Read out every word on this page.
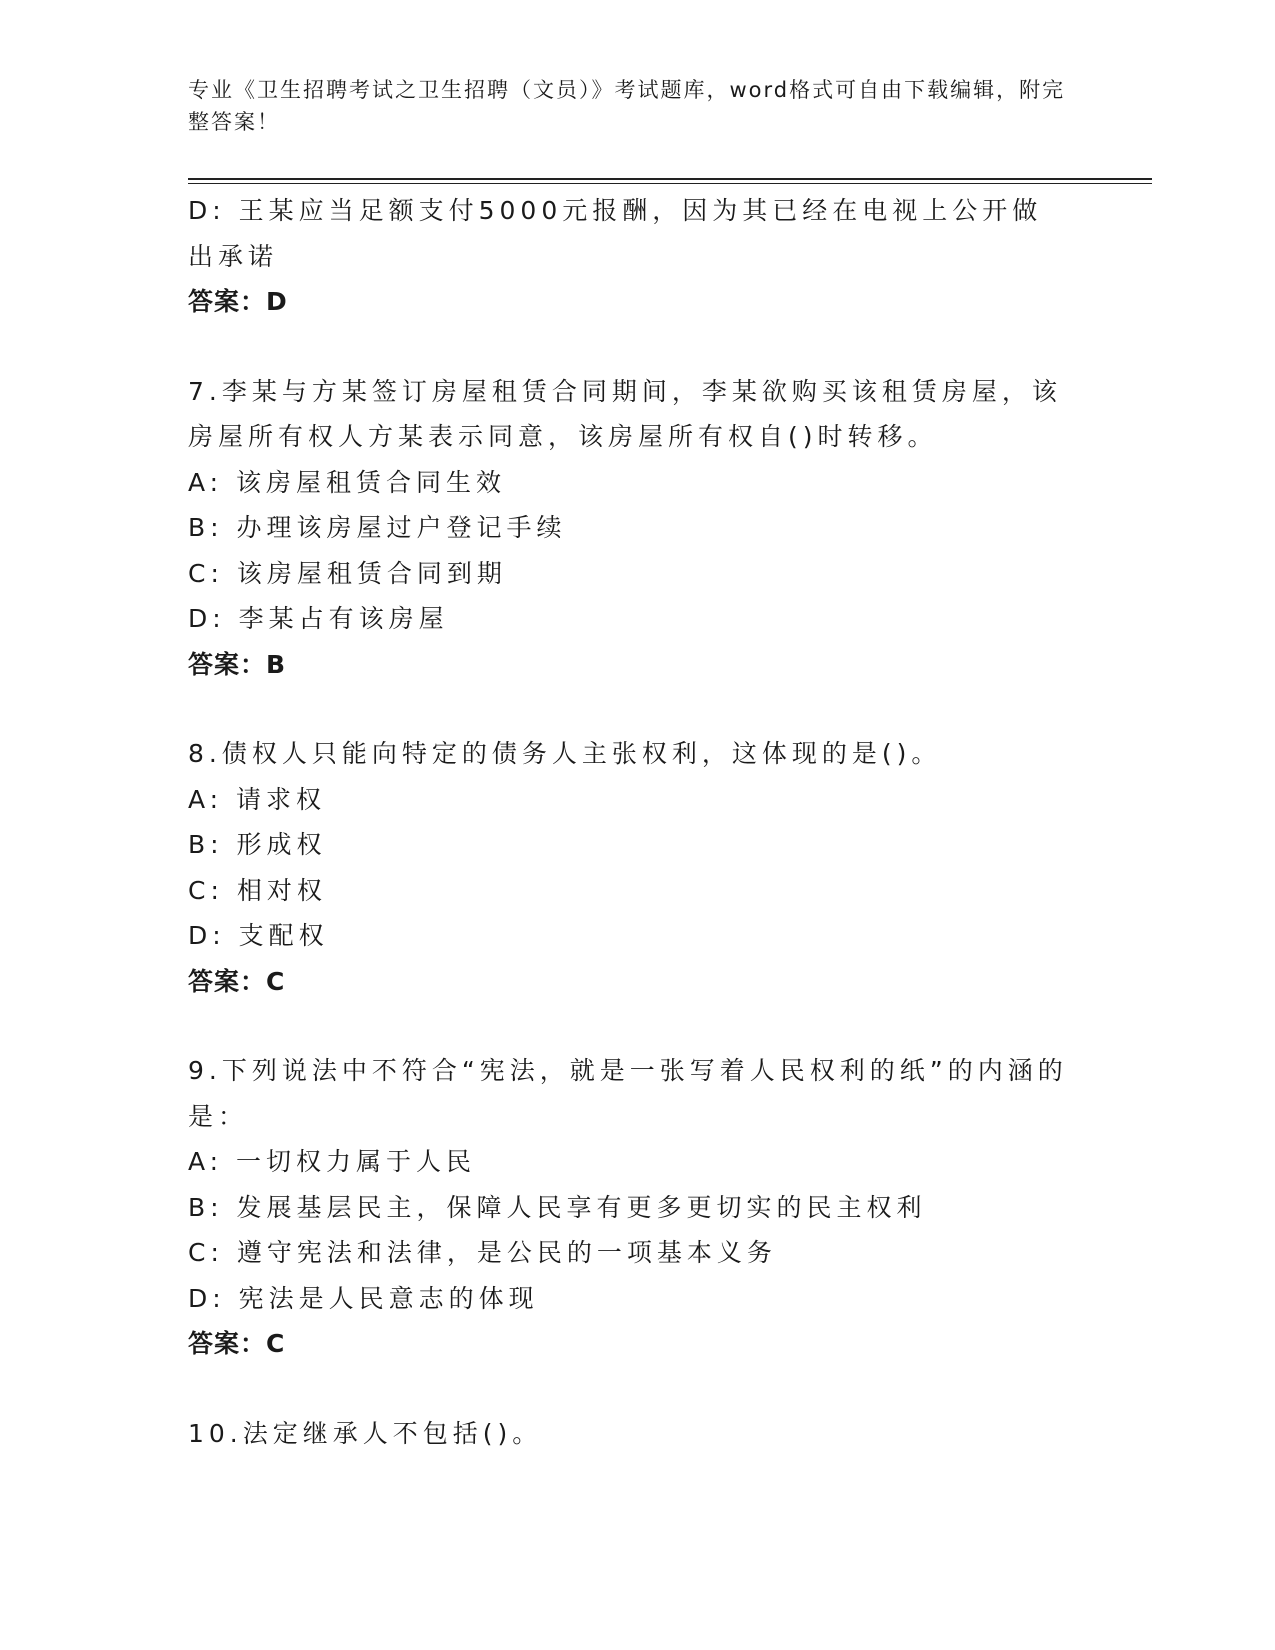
专业《卫生招聘考试之卫生招聘（文员）》考试题库，word格式可自由下载编辑，附完整答案！
D: 王某应当足额支付5000元报酬，因为其已经在电视上公开做出承诺
答案：D
7.李某与方某签订房屋租赁合同期间，李某欲购买该租赁房屋，该房屋所有权人方某表示同意，该房屋所有权自()时转移。
A: 该房屋租赁合同生效
B: 办理该房屋过户登记手续
C: 该房屋租赁合同到期
D: 李某占有该房屋
答案：B
8.债权人只能向特定的债务人主张权利，这体现的是()。
A: 请求权
B: 形成权
C: 相对权
D: 支配权
答案：C
9.下列说法中不符合“宪法，就是一张写着人民权利的纸”的内涵的是：
A: 一切权力属于人民
B: 发展基层民主，保障人民享有更多更切实的民主权利
C: 遵守宪法和法律，是公民的一项基本义务
D: 宪法是人民意志的体现
答案：C
10.法定继承人不包括()。
